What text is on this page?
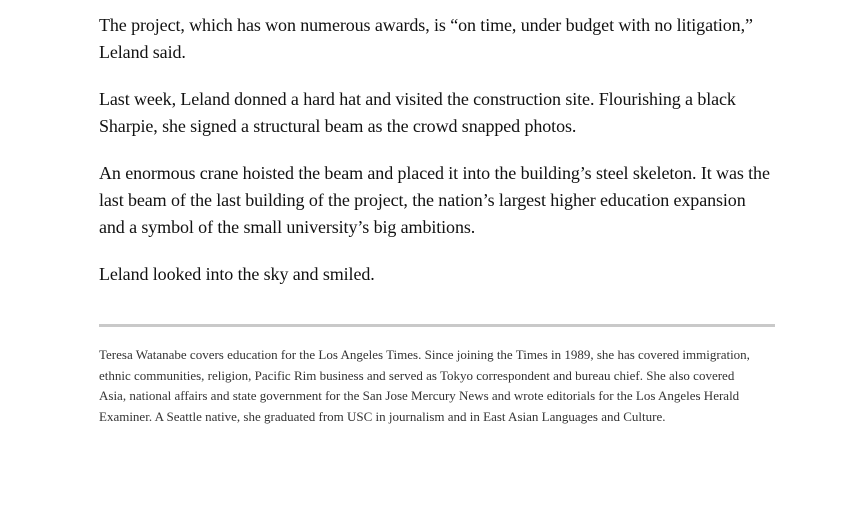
The project, which has won numerous awards, is “on time, under budget with no litigation,” Leland said.

Last week, Leland donned a hard hat and visited the construction site. Flourishing a black Sharpie, she signed a structural beam as the crowd snapped photos.

An enormous crane hoisted the beam and placed it into the building’s steel skeleton. It was the last beam of the last building of the project, the nation’s largest higher education expansion and a symbol of the small university’s big ambitions.

Leland looked into the sky and smiled.

Teresa Watanabe covers education for the Los Angeles Times. Since joining the Times in 1989, she has covered immigration, ethnic communities, religion, Pacific Rim business and served as Tokyo correspondent and bureau chief. She also covered Asia, national affairs and state government for the San Jose Mercury News and wrote editorials for the Los Angeles Herald Examiner. A Seattle native, she graduated from USC in journalism and in East Asian Languages and Culture.
